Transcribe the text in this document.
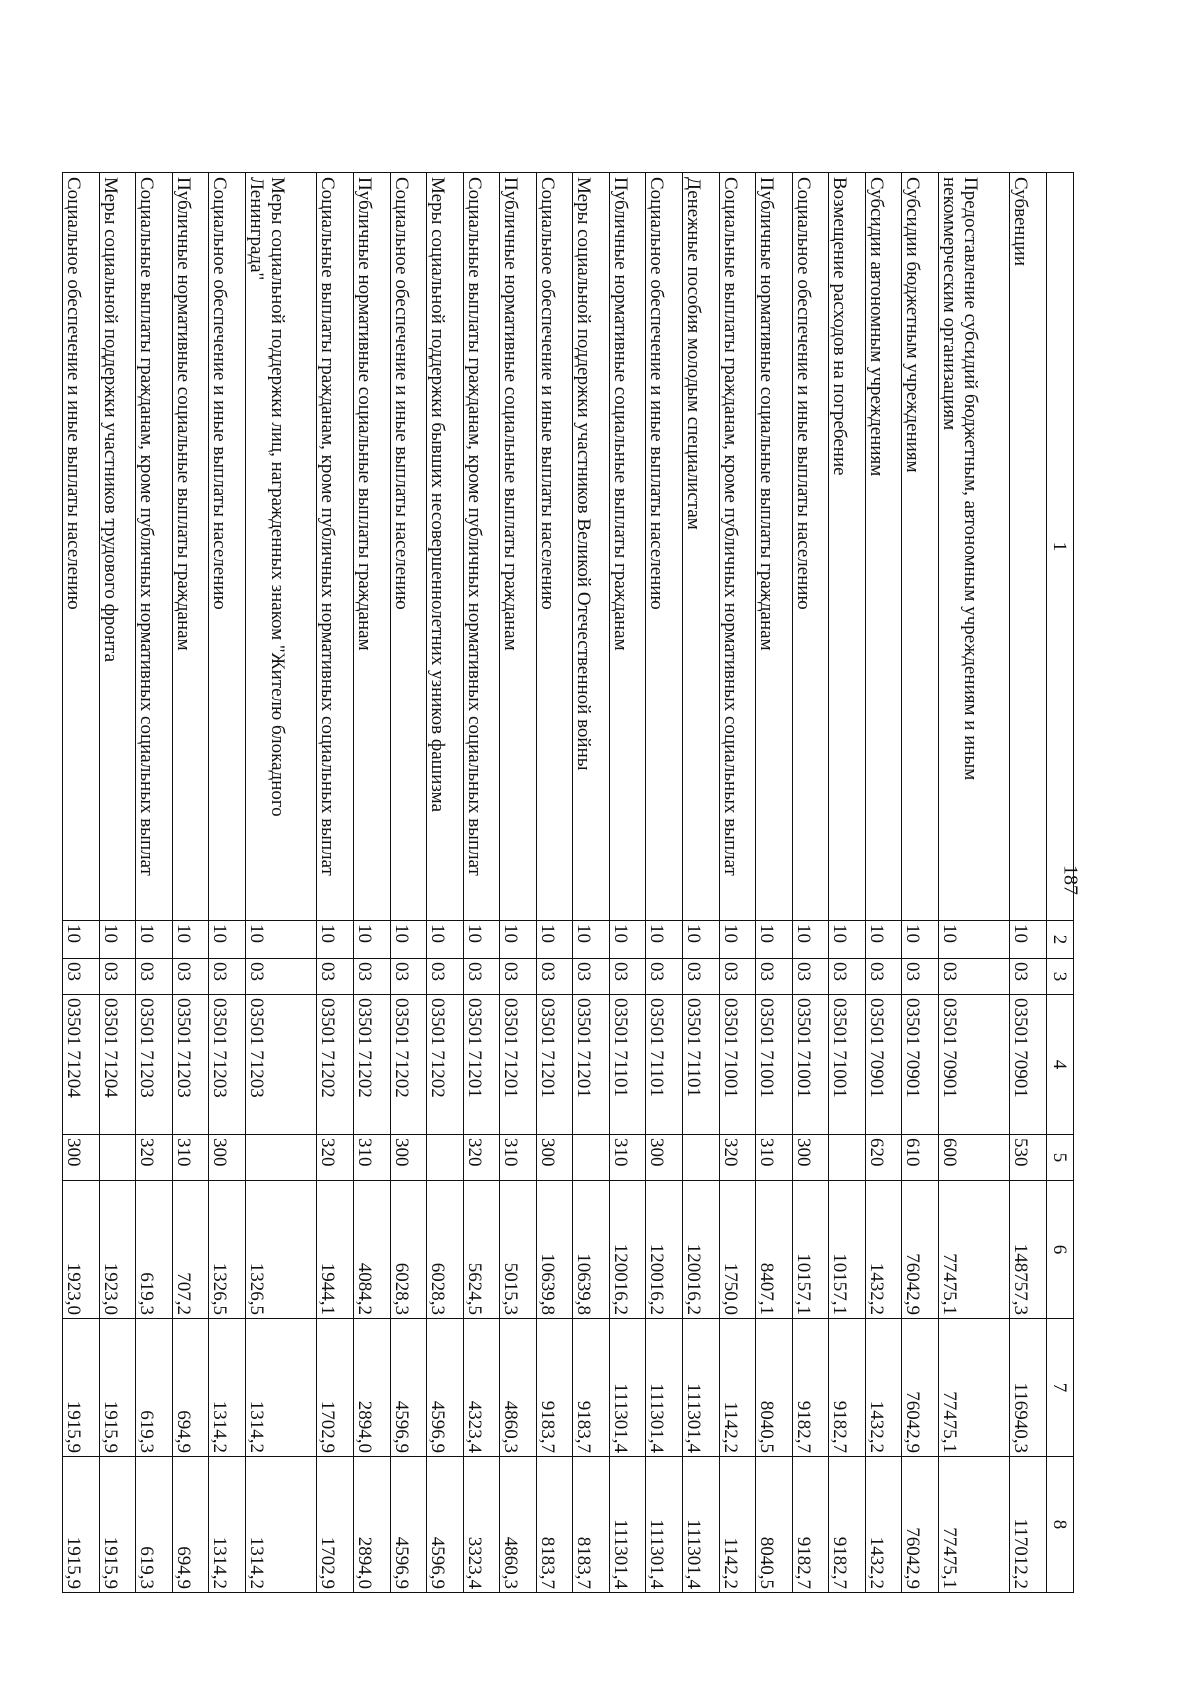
187
1	2	3	4	5	6	7	8
Субвенции	10	03	03501 70901	530	148757,3	116940,3	117012,2
Предоставление субсидий бюджетным, автономным учреждениям и иным некоммерческим организациям	10	03	03501 70901	600	77475,1	77475,1	77475,1
Субсидии бюджетным учреждениям	10	03	03501 70901	610	76042,9	76042,9	76042,9
Субсидии автономным учреждениям	10	03	03501 70901	620	1432,2	1432,2	1432,2
Возмещение расходов на погребение	10	03	03501 71001		10157,1	9182,7	9182,7
Социальное обеспечение и иные выплаты населению	10	03	03501 71001	300	10157,1	9182,7	9182,7
Публичные нормативные социальные выплаты гражданам	10	03	03501 71001	310	8407,1	8040,5	8040,5
Социальные выплаты гражданам, кроме публичных нормативных социальных выплат	10	03	03501 71001	320	1750,0	1142,2	1142,2
Денежные пособия молодым специалистам	10	03	03501 71101		120016,2	111301,4	111301,4
Социальное обеспечение и иные выплаты населению	10	03	03501 71101	300	120016,2	111301,4	111301,4
Публичные нормативные социальные выплаты гражданам	10	03	03501 71101	310	120016,2	111301,4	111301,4
Меры социальной поддержки участников Великой Отечественной войны	10	03	03501 71201		10639,8	9183,7	8183,7
Социальное обеспечение и иные выплаты населению	10	03	03501 71201	300	10639,8	9183,7	8183,7
Публичные нормативные социальные выплаты гражданам	10	03	03501 71201	310	5015,3	4860,3	4860,3
Социальные выплаты гражданам, кроме публичных нормативных социальных выплат	10	03	03501 71201	320	5624,5	4323,4	3323,4
Меры социальной поддержки бывших несовершеннолетних узников фашизма	10	03	03501 71202		6028,3	4596,9	4596,9
Социальное обеспечение и иные выплаты населению	10	03	03501 71202	300	6028,3	4596,9	4596,9
Публичные нормативные социальные выплаты гражданам	10	03	03501 71202	310	4084,2	2894,0	2894,0
Социальные выплаты гражданам, кроме публичных нормативных социальных выплат	10	03	03501 71202	320	1944,1	1702,9	1702,9
Меры социальной поддержки лиц, награжденных знаком "Жителю блокадного Ленинграда"	10	03	03501 71203		1326,5	1314,2	1314,2
Социальное обеспечение и иные выплаты населению	10	03	03501 71203	300	1326,5	1314,2	1314,2
Публичные нормативные социальные выплаты гражданам	10	03	03501 71203	310	707,2	694,9	694,9
Социальные выплаты гражданам, кроме публичных нормативных социальных выплат	10	03	03501 71203	320	619,3	619,3	619,3
Меры социальной поддержки участников трудового фронта	10	03	03501 71204		1923,0	1915,9	1915,9
Социальное обеспечение и иные выплаты населению	10	03	03501 71204	300	1923,0	1915,9	1915,9
